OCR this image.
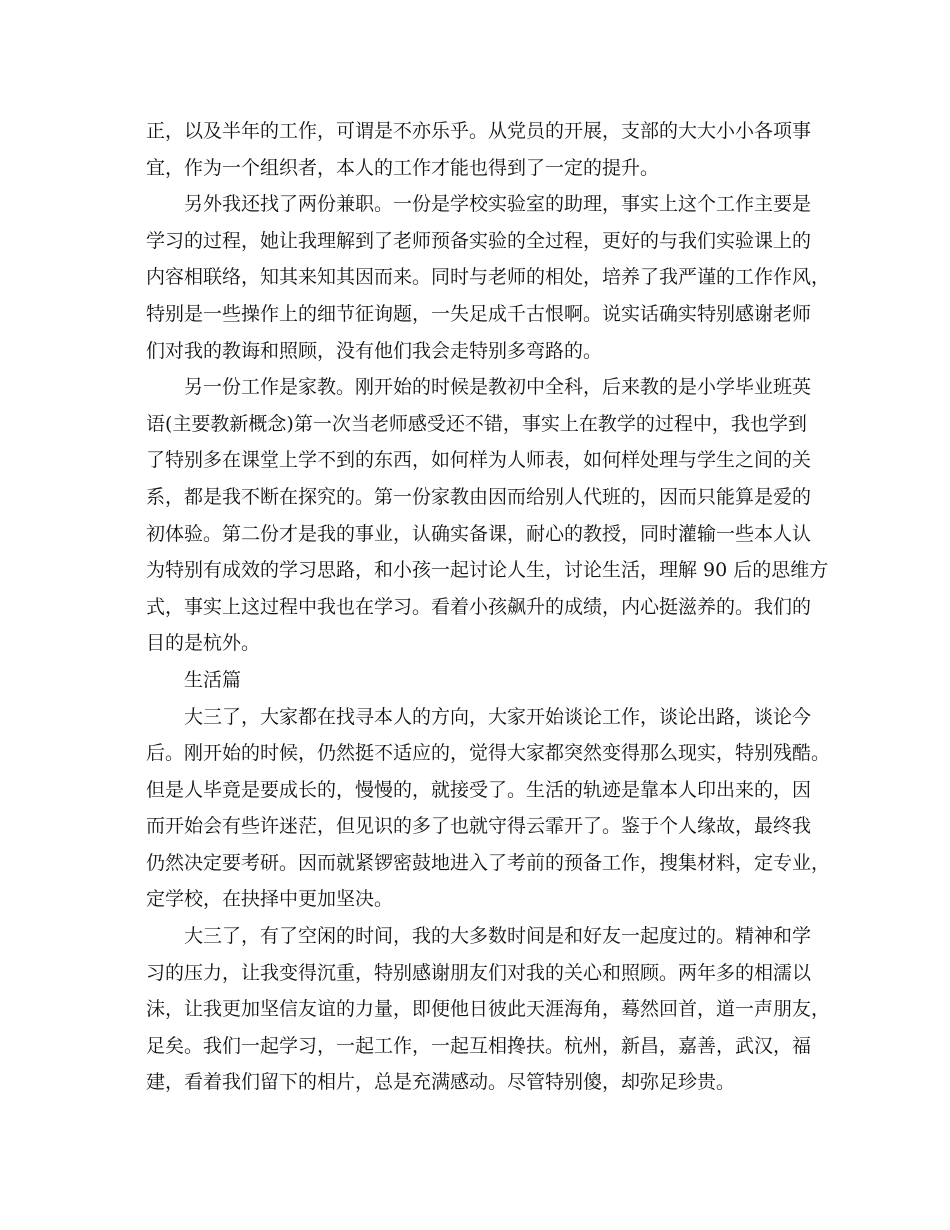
正，以及半年的工作，可谓是不亦乐乎。从党员的开展，支部的大大小小各项事
宜，作为一个组织者，本人的工作才能也得到了一定的提升。
另外我还找了两份兼职。一份是学校实验室的助理，事实上这个工作主要是
学习的过程，她让我理解到了老师预备实验的全过程，更好的与我们实验课上的
内容相联络，知其来知其因而来。同时与老师的相处，培养了我严谨的工作作风，
特别是一些操作上的细节征询题，一失足成千古恨啊。说实话确实特别感谢老师
们对我的教诲和照顾，没有他们我会走特别多弯路的。
另一份工作是家教。刚开始的时候是教初中全科，后来教的是小学毕业班英
语(主要教新概念)第一次当老师感受还不错，事实上在教学的过程中，我也学到
了特别多在课堂上学不到的东西，如何样为人师表，如何样处理与学生之间的关
系，都是我不断在探究的。第一份家教由因而给别人代班的，因而只能算是爱的
初体验。第二份才是我的事业，认确实备课，耐心的教授，同时灌输一些本人认
为特别有成效的学习思路，和小孩一起讨论人生，讨论生活，理解 90 后的思维方
式，事实上这过程中我也在学习。看着小孩飙升的成绩，内心挺滋养的。我们的
目的是杭外。
生活篇
大三了，大家都在找寻本人的方向，大家开始谈论工作，谈论出路，谈论今
后。刚开始的时候，仍然挺不适应的，觉得大家都突然变得那么现实，特别残酷。
但是人毕竟是要成长的，慢慢的，就接受了。生活的轨迹是靠本人印出来的，因
而开始会有些许迷茫，但见识的多了也就守得云霏开了。鉴于个人缘故，最终我
仍然决定要考研。因而就紧锣密鼓地进入了考前的预备工作，搜集材料，定专业，
定学校，在抉择中更加坚决。
大三了，有了空闲的时间，我的大多数时间是和好友一起度过的。精神和学
习的压力，让我变得沉重，特别感谢朋友们对我的关心和照顾。两年多的相濡以
沫，让我更加坚信友谊的力量，即便他日彼此天涯海角，蓦然回首，道一声朋友，
足矣。我们一起学习，一起工作，一起互相搀扶。杭州，新昌，嘉善，武汉，福
建，看着我们留下的相片，总是充满感动。尽管特别傻，却弥足珍贵。
